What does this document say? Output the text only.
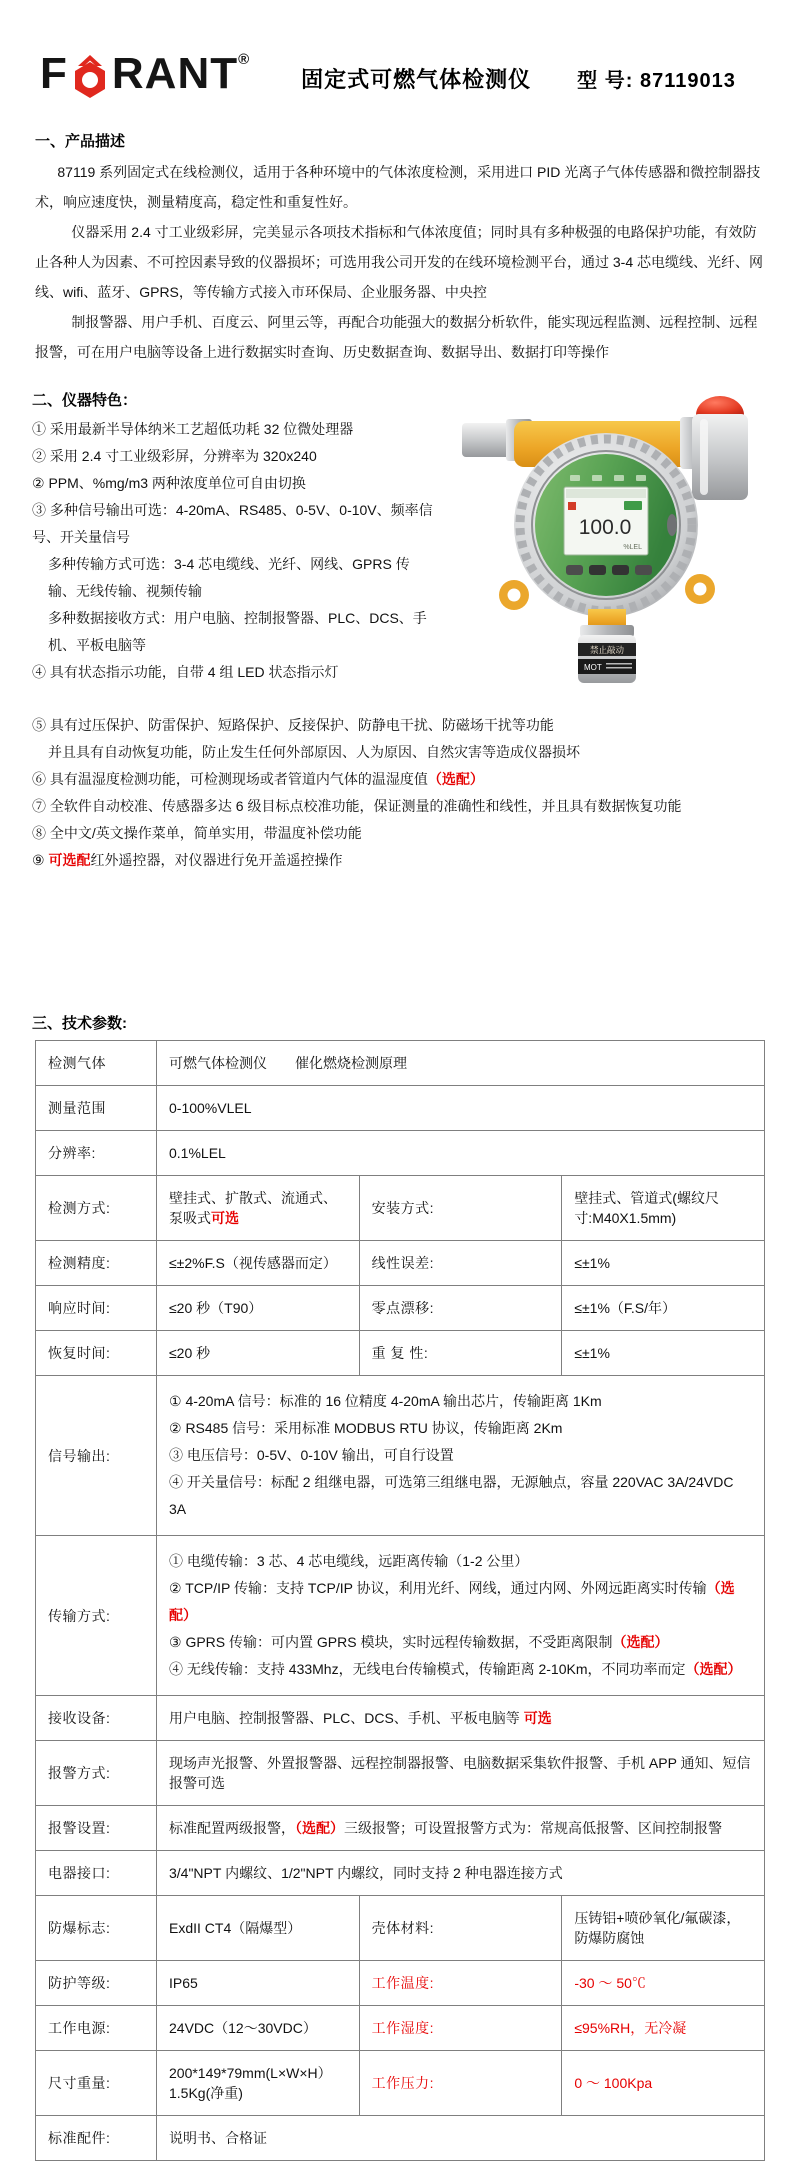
F RANT ®
固定式可燃气体检测仪 型 号: 87119013
一、产品描述

87119 系列固定式在线检测仪，适用于各种环境中的气体浓度检测，采用进口 PID 光离子气体传感器和微控制器技术，响应速度快，测量精度高，稳定性和重复性好。

仪器采用 2.4 寸工业级彩屏，完美显示各项技术指标和气体浓度值；同时具有多种极强的电路保护功能，有效防止各种人为因素、不可控因素导致的仪器损坏；可选用我公司开发的在线环境检测平台，通过 3-4 芯电缆线、光纤、网线、wifi、蓝牙、GPRS，等传输方式接入市环保局、企业服务器、中央控

制报警器、用户手机、百度云、阿里云等，再配合功能强大的数据分析软件，能实现远程监测、远程控制、远程报警，可在用户电脑等设备上进行数据实时查询、历史数据查询、数据导出、数据打印等操作

100.0
%LEL
禁止敲动
MOT
二、仪器特色：

① 采用最新半导体纳米工艺超低功耗 32 位微处理器

② 采用 2.4 寸工业级彩屏，分辨率为 320x240

② PPM、%mg/m3 两种浓度单位可自由切换

③ 多种信号输出可选：4-20mA、RS485、0-5V、0-10V、频率信号、开关量信号

多种传输方式可选：3-4 芯电缆线、光纤、网线、GPRS 传输、无线传输、视频传输

多种数据接收方式：用户电脑、控制报警器、PLC、DCS、手机、平板电脑等

④ 具有状态指示功能，自带 4 组 LED 状态指示灯

⑤ 具有过压保护、防雷保护、短路保护、反接保护、防静电干扰、防磁场干扰等功能

并且具有自动恢复功能，防止发生任何外部原因、人为原因、自然灾害等造成仪器损坏

⑥ 具有温湿度检测功能，可检测现场或者管道内气体的温湿度值（选配）

⑦ 全软件自动校准、传感器多达 6 级目标点校准功能，保证测量的准确性和线性，并且具有数据恢复功能

⑧ 全中文/英文操作菜单，简单实用，带温度补偿功能

⑨ 可选配红外遥控器，对仪器进行免开盖遥控操作

三、技术参数:
检测气体	可燃气体检测仪　　催化燃烧检测原理		
测量范围	0-100%VLEL		
分辨率:	0.1%LEL		
检测方式:	壁挂式、扩散式、流通式、泵吸式可选	安装方式:	壁挂式、管道式(螺纹尺寸:M40X1.5mm)
检测精度:	≤±2%F.S（视传感器而定）	线性误差:	≤±1%
响应时间:	≤20 秒（T90）	零点漂移:	≤±1%（F.S/年）
恢复时间:	≤20 秒	重 复 性:	≤±1%
信号输出:	① 4-20mA 信号：标准的 16 位精度 4-20mA 输出芯片，传输距离 1Km
② RS485 信号：采用标准 MODBUS RTU 协议，传输距离 2Km
③ 电压信号：0-5V、0-10V 输出，可自行设置
④ 开关量信号：标配 2 组继电器，可选第三组继电器，无源触点，容量 220VAC 3A/24VDC 3A		

传输方式:	① 电缆传输：3 芯、4 芯电缆线，远距离传输（1-2 公里）
② TCP/IP 传输：支持 TCP/IP 协议，利用光纤、网线，通过内网、外网远距离实时传输（选配）
③ GPRS 传输：可内置 GPRS 模块，实时远程传输数据，不受距离限制（选配）
④ 无线传输：支持 433Mhz，无线电台传输模式，传输距离 2-10Km，不同功率而定（选配）		

接收设备:	用户电脑、控制报警器、PLC、DCS、手机、平板电脑等 可选		
报警方式:	现场声光报警、外置报警器、远程控制器报警、电脑数据采集软件报警、手机 APP 通知、短信报警可选		
报警设置:	标准配置两级报警，（选配）三级报警；可设置报警方式为：常规高低报警、区间控制报警		
电器接口:	3/4"NPT 内螺纹、1/2"NPT 内螺纹，同时支持 2 种电器连接方式		
防爆标志:	ExdII CT4（隔爆型）	壳体材料:	压铸铝+喷砂氧化/氟碳漆，防爆防腐蚀
防护等级:	IP65	工作温度:	-30 ～ 50℃
工作电源:	24VDC（12～30VDC）	工作湿度:	≤95%RH，无冷凝
尺寸重量:	200*149*79mm(L×W×H） 1.5Kg(净重)	工作压力:	0 ～ 100Kpa
标准配件:	说明书、合格证		
